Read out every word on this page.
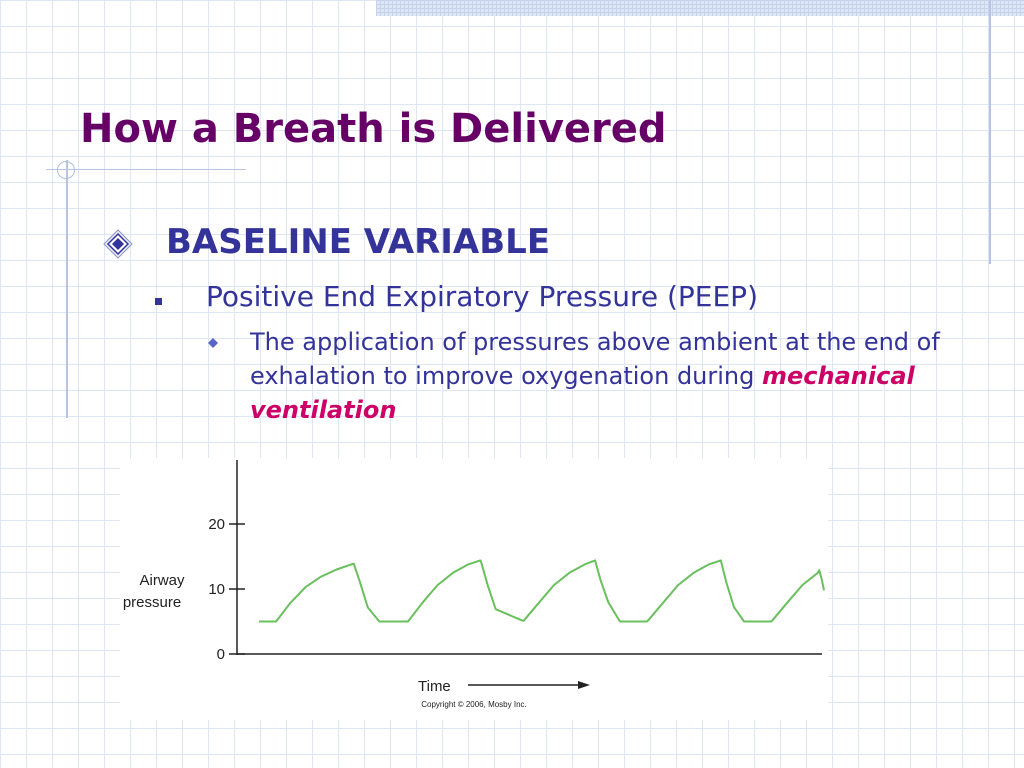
How a Breath is Delivered
BASELINE VARIABLE
Positive End Expiratory Pressure (PEEP)
The application of pressures above ambient at the end of exhalation to improve oxygenation during mechanical ventilation
Airway
pressure
Time
Copyright © 2006, Mosby Inc.
0
10
20
